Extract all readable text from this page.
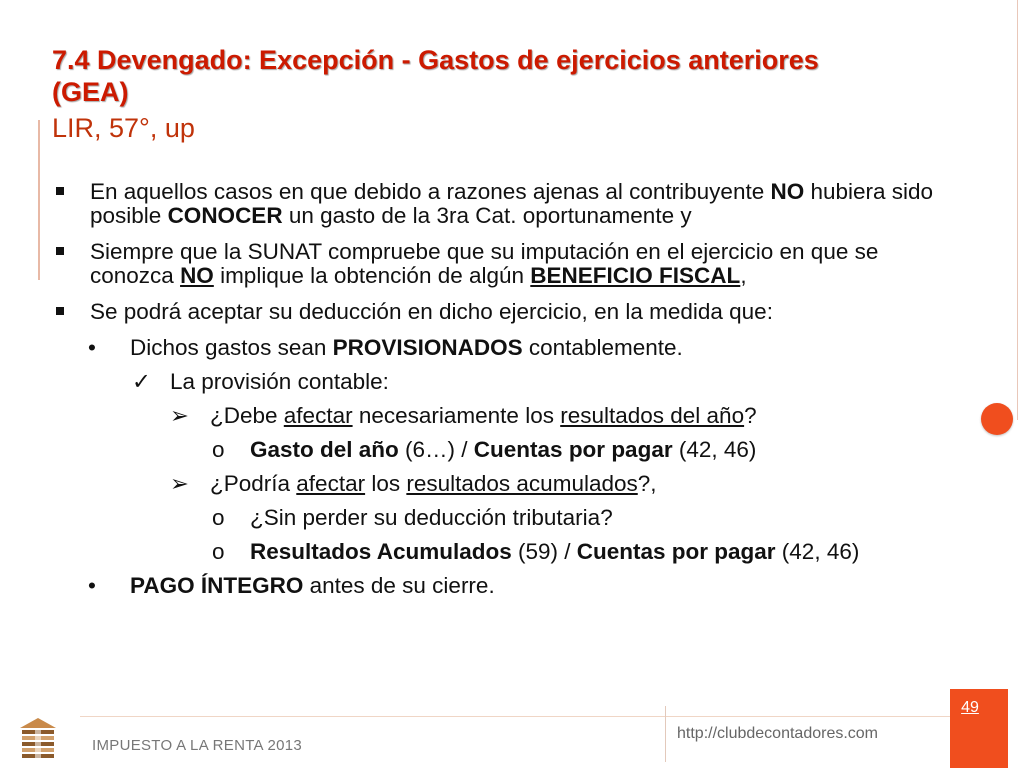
7.4 Devengado: Excepción - Gastos de ejercicios anteriores
(GEA)
LIR, 57°, up
En aquellos casos en que debido a razones ajenas al contribuyente NO hubiera sido posible CONOCER un gasto de la 3ra Cat. oportunamente y
Siempre que la SUNAT compruebe que su imputación en el ejercicio en que se conozca NO implique la obtención de algún BENEFICIO FISCAL,
Se podrá aceptar su deducción en dicho ejercicio, en la medida que:
• Dichos gastos sean PROVISIONADOS contablemente.
✓ La provisión contable:
➢ ¿Debe afectar necesariamente los resultados del año?
o Gasto del año (6…) / Cuentas por pagar (42, 46)
➢ ¿Podría afectar los resultados acumulados?,
o ¿Sin perder su deducción tributaria?
o Resultados Acumulados (59) / Cuentas por pagar (42, 46)
• PAGO ÍNTEGRO antes de su cierre.
IMPUESTO A LA RENTA 2013
http://clubdecontadores.com
49
